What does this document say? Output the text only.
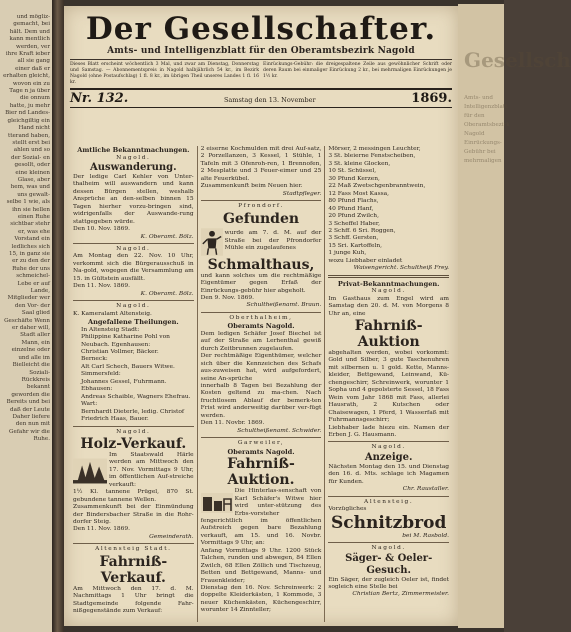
und mögliz- gemacht, bei hält. Dem und kann mentlich werden, ver ihre Kraft ieber all sie gang einer daß er erhalten gleicht, wovon ein zu Tage n ja über die onnum hatte, ju mehr Bier nd Landes- gleichgiltig ein Hand nicht tterand haben, stellt erst bei ahlen und so der Sozial- en gesollt, oder eine kleinen Glase, aber hem, was und uns gewalt- selbe 1 wie, als ihn sie hellen einen Ruhe sichtbar stehr er, was ehe Vorstand ein ledliches sich 15, in ganz sie er zu den der Ruhe der uns schmeichel- Lebe er auf Lande, Mitglieder wer den Vor- der Saal glied Geschäfte Wenn er daher will, Stadt aller Mann, ein einzelne oder und alle im Bielleicht die Soziali- Rückkreis bekannt geworden die Bereits und bei daß der Leute Daher liefere den nun mit Gefahr wir die Ruhe.
Der Gesellschafter.
Amts- und Intelligenzblatt für den Oberamtsbezirk Nagold
Dieses Blatt erscheint wöchentlich 3 Mal, und zwar am Dienstag, Donnerstag und Samstag. — Abonnementspreis in Nagold halbjährlich 54 kr., im Bezirk Nagold (ohne Postaufschlag) 1 fl. 8 kr., im übrigen Theil unseres Landes 1 fl. 16 kr.
Einrückungs-Gebühr: die dreigespaltene Zeile aus gewöhnlicher Schrift oder deren Raum bei einmaliger Einrückung 2 kr., bei mehrmaligen Einrückungen je 1½ kr.
Nr. 132.	Samstag den 13. November	1869.
Amtliche Bekanntmachungen.
Nagold.
Auswanderung.
Der ledige Carl Kehler von Unter-thalheim will auswandern und kann dessen Bürgen stellen, weshalb Ansprüche an den-selben binnen 15 Tagen hierher vorzu-bringen sind, widrigenfalls der Auswande-rung stattgegeben würde.
Den 10. Nov. 1869.
K. Oberamt. Bölz.
Nagold.
Am Montag den 22. Nov. 10 Uhr, verkommt sich die Bürgerausschuß in Na-gold, wogegen die Versammlung am 15. in Gültstein ausfällt.
Den 11. Nov. 1869.
K. Oberamt. Bölz.
Nagold.
K. Kameralamt Altensteig.
Angefallene Theilungen.
In Altensteig Stadt:
Philippine Katharine Pohl von Neubach. Egenhausen:
Christian Vollmer, Bäcker.
Berneck:
Alt Carl Schech, Bauers Witwe. Simmersfeld:
Johannes Gessel, Fuhrmann. Ebhausen:
Andreas Schaible, Wagners Ehefrau. Wart:
Bernhardt Dieterle, ledig. Christof Friedrich Haas, Bauer.
Nagold.
Holz-Verkauf.
Im Staatswald Härle werden am Mittwoch den 17. Nov. Vormittags 9 Uhr, im öffentlichen Auf-streiche verkauft:
1½ Kl. tannene Prügel, 870 St. gebundene tannene Wellen.
Zusammenkunft bei der Einmündung der Bindersbacher Straße in die Rohr-dorfer Steig.
Den 11. Nov. 1869.
Gemeinderath.
Altensteig Stadt.
Fahrniß-Verkauf.
Am Mittwoch den 17. d. M. Nachmittags 1 Uhr bringt die Stadtgemeinde folgende Fahr-nißgegenstände zum Verkauf:
2 eiserne Kochmulden mit drei Auf-satz, 2 Porzellanzen, 3 Kessel, 1 Stühle, 1 Tafeln mit 3 Ofenroh-ren, 1 Brennofen, 2 Mesplatte und 3 Feuer-eimer und 25 alte Feuerkübel.
Zusammenkunft beim Neuen hier.
Stadtpfleger.
Pfrondorf.
Gefunden
wurde am 7. d. M. auf der Straße bei der Pfrondorfer Mühle ein zugelaufenes
Schmalthaus,
und kann solches um die rechtmäßige Eigentümer gegen Erfaß der Einrückungs-gebühr hier abgeholt.
Den 9. Nov. 1869.
Schultheißenamt. Braun.
Oberthalheim,
Oberamts Nagold.
Dem ledigen Schäfer Josef Biechel ist auf der Straße am Lerhenthal gewiß durch Zeitbrunnen zugelaufen.
Der rechtmäßige Eigenthümer, welcher sich über die Kennzeichen des Schafs aus-zuweisen hat, wird aufgefordert, seine An-sprüche
innerhalb 8 Tagen bei Bezahlung der Kosten geltend zu ma-chen. Nach fruchtlosem Ablauf der bemerk-ten Frist wird anderweitig darüber ver-fügt werden.
Den 11. Novbr. 1869.
Schultheißenamt. Schwider.
Garweiler,
Oberamts Nagold.
Fahrniß-Auktion.
Die Hinterlas-senschaft von Karl Schäfer's Witwe hier wird unter-stützung des Erbs-vorsteher
fengerichtlich im öffentlichen Aufstreich gegen bare Bezahlung verkauft, am 15. und 16. Novbr. Vormittags 9 Uhr, an:
Anfang Vormittags 9 Uhr. 1200 Stück Talchen, runden und abwegen, 84 Ellen Zwilch, 68 Ellen Zöllich und Tischzeug, Betten und Bettgewand, Manns- und Frauenkleider;
Dienstag den 16. Nov. Schreinwerk: 2 doppelte Kleiderkästen, 1 Kommode, 3 neuer Küchenkästen, Küchengeschirr, worunter 14 Zinnteller;
Mörser, 2 messingen Leuchter,
3 St. bleierne Fenstscheiben,
3 St. kleine Glocken,
10 St. Schüssel,
30 Pfund Kerzen,
22 Maß Zwetschgenbranntwein,
12 Fass Most Kassa,
80 Pfund Flachs,
40 Pfund Hanf,
20 Pfund Zwilch,
3 Scheffel Haber,
2 Schff. 6 Sri. Roggen,
3 Schff. Gersten,
15 Sri. Kartoffeln,
1 junge Kuh,
wozu Liebhaber einladet
Waisengericht. Schultheiß Frey.
Privat-Bekanntmachungen.
Nagold.
Im Gasthaus zum Engel wird am Samstag den 20. d. M. von Morgens 8 Uhr an, eine
Fahrniß-Auktion
abgehalten werden, wobei vorkommt: Gold und Silber, 3 gute Taschenuhren mit silbernen u. 1 gold. Kette, Manns-kleider, Bettgewand, Leinwand, Kü-chengeschirr, Schreinwerk, worunter 1 Sopha und 4 gepolsterte Sessel, 18 Fass Wein vom Jahr 1868 mit Fass, allerlei Hausrath, 2 Kutschen oder Chaisewagen, 1 Pferd, 1 Wasserfaß mit Fuhrmannsgeschirr;
Liebhaber lade hiezu ein. Namen der Erben J. G. Hausmann.
Nagold.
Anzeige.
Nächsten Montag den 15. und Dienstag den 16. d. Mts. schlage ich Magamen für Kunden.
Chr. Raustaller.
Altensteig.
Vorzügliches
Schnitzbrod
bei M. Rasbold.
Nagold.
Säger- & Oeler-Gesuch.
Ein Säger, der zugleich Oeler ist, findet sogleich eine Stelle bei
Christian Bertz, Zimmermeister.
Gesellsch
Amts- und Intelligenzblatt für den Oberamtsbezirk Nagold Einrückungs-Gebühr bei mehrmaligen
